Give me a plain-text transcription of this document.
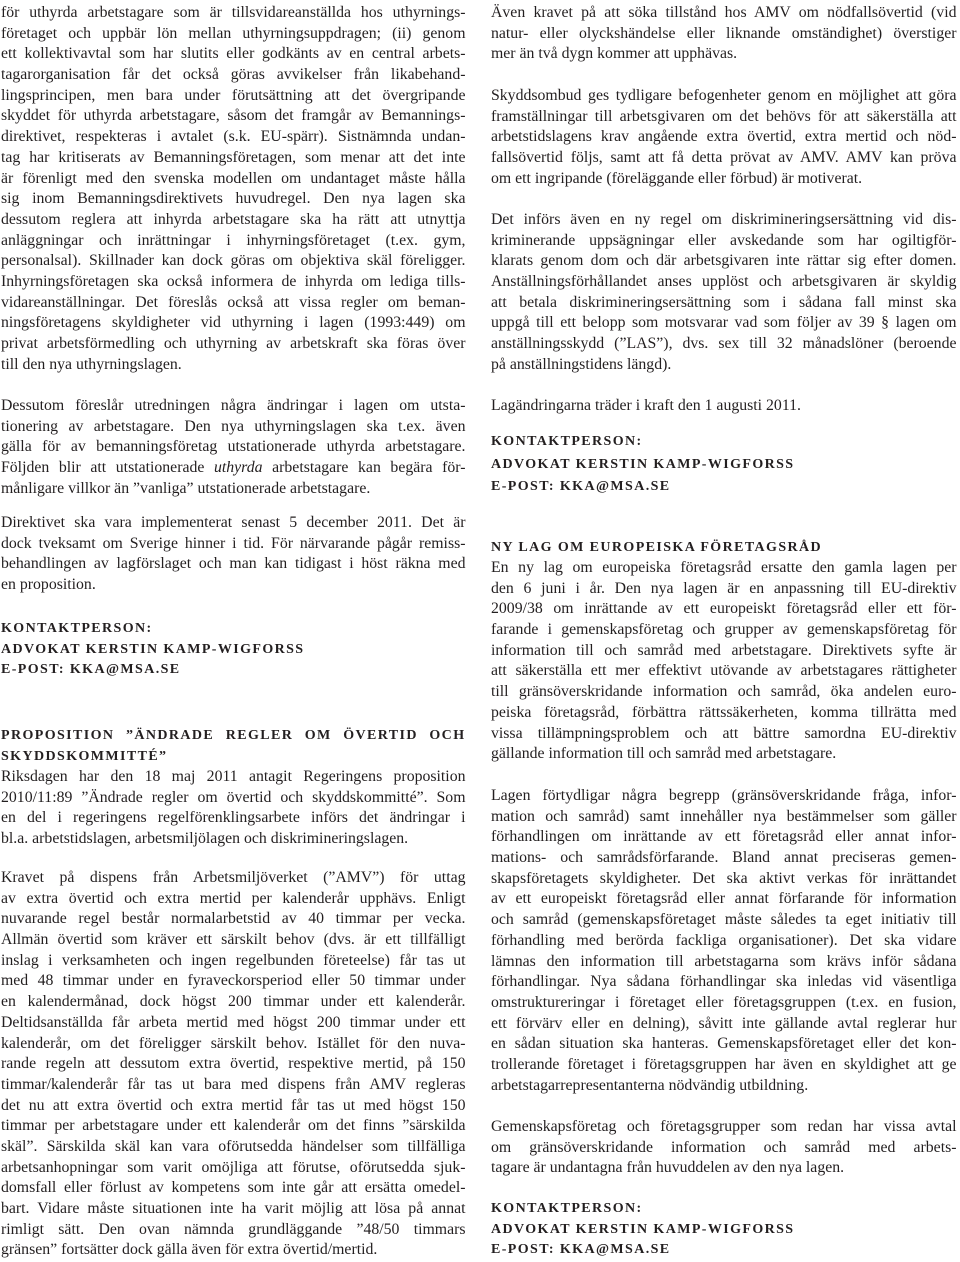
för uthyrda arbetstagare som är tillsvidareanställda hos uthyrnings-
företaget och uppbär lön mellan uthyrningsuppdragen; (ii) genom
ett kollektivavtal som har slutits eller godkänts av en central arbets-
tagarorganisation får det också göras avvikelser från likabehand-
lingsprincipen, men bara under förutsättning att det övergripande
skyddet för uthyrda arbetstagare, såsom det framgår av Bemannings-
direktivet, respekteras i avtalet (s.k. EU-spärr). Sistnämnda undan-
tag har kritiserats av Bemanningsföretagen, som menar att det inte
är förenligt med den svenska modellen om undantaget måste hålla
sig inom Bemanningsdirektivets huvudregel. Den nya lagen ska
dessutom reglera att inhyrda arbetstagare ska ha rätt att utnyttja
anläggningar och inrättningar i inhyrningsföretaget (t.ex. gym,
personalsal). Skillnader kan dock göras om objektiva skäl föreligger.
Inhyrningsföretagen ska också informera de inhyrda om lediga tills-
vidareanställningar. Det föreslås också att vissa regler om beman-
ningsföretagens skyldigheter vid uthyrning i lagen (1993:449) om
privat arbetsförmedling och uthyrning av arbetskraft ska föras över
till den nya uthyrningslagen.
Dessutom föreslår utredningen några ändringar i lagen om utsta-
tionering av arbetstagare. Den nya uthyrningslagen ska t.ex. även
gälla för av bemanningsföretag utstationerade uthyrda arbetstagare.
Följden blir att utstationerade uthyrda arbetstagare kan begära för-
månligare villkor än ”vanliga” utstationerade arbetstagare.
Direktivet ska vara implementerat senast 5 december 2011. Det är
dock tveksamt om Sverige hinner i tid. För närvarande pågår remiss-
behandlingen av lagförslaget och man kan tidigast i höst räkna med
en proposition.
KONTAKTPERSON:
ADVOKAT KERSTIN KAMP-WIGFORSS
E-POST: KKA@MSA.SE
PROPOSITION ”ÄNDRADE REGLER OM ÖVERTID OCH
SKYDDSKOMMITTÉ”
Riksdagen har den 18 maj 2011 antagit Regeringens proposition
2010/11:89 ”Ändrade regler om övertid och skyddskommitté”. Som
en del i regeringens regelförenklingsarbete införs det ändringar i
bl.a. arbetstidslagen, arbetsmiljölagen och diskrimineringslagen.
Kravet på dispens från Arbetsmiljöverket (”AMV”) för uttag
av extra övertid och extra mertid per kalenderår upphävs. Enligt
nuvarande regel består normalarbetstid av 40 timmar per vecka.
Allmän övertid som kräver ett särskilt behov (dvs. är ett tillfälligt
inslag i verksamheten och ingen regelbunden företeelse) får tas ut
med 48 timmar under en fyraveckorsperiod eller 50 timmar under
en kalendermånad, dock högst 200 timmar under ett kalenderår.
Deltidsanställda får arbeta mertid med högst 200 timmar under ett
kalenderår, om det föreligger särskilt behov. Istället för den nuva-
rande regeln att dessutom extra övertid, respektive mertid, på 150
timmar/kalenderår får tas ut bara med dispens från AMV regleras
det nu att extra övertid och extra mertid får tas ut med högst 150
timmar per arbetstagare under ett kalenderår om det finns ”särskilda
skäl”. Särskilda skäl kan vara oförutsedda händelser som tillfälliga
arbetsanhopningar som varit omöjliga att förutse, oförutsedda sjuk-
domsfall eller förlust av kompetens som inte går att ersätta omedel-
bart. Vidare måste situationen inte ha varit möjlig att lösa på annat
rimligt sätt. Den ovan nämnda grundläggande ”48/50 timmars
gränsen” fortsätter dock gälla även för extra övertid/mertid.
Även kravet på att söka tillstånd hos AMV om nödfallsövertid (vid
natur- eller olyckshändelse eller liknande omständighet) överstiger
mer än två dygn kommer att upphävas.
Skyddsombud ges tydligare befogenheter genom en möjlighet att göra
framställningar till arbetsgivaren om det behövs för att säkerställa att
arbetstidslagens krav angående extra övertid, extra mertid och nöd-
fallsövertid följs, samt att få detta prövat av AMV. AMV kan pröva
om ett ingripande (föreläggande eller förbud) är motiverat.
Det införs även en ny regel om diskrimineringsersättning vid dis-
kriminerande uppsägningar eller avskedande som har ogiltigför-
klarats genom dom och där arbetsgivaren inte rättar sig efter domen.
Anställningsförhållandet anses upplöst och arbetsgivaren är skyldig
att betala diskrimineringsersättning som i sådana fall minst ska
uppgå till ett belopp som motsvarar vad som följer av 39 § lagen om
anställningsskydd (”LAS”), dvs. sex till 32 månadslöner (beroende
på anställningstidens längd).
Lagändringarna träder i kraft den 1 augusti 2011.
KONTAKTPERSON:
ADVOKAT KERSTIN KAMP-WIGFORSS
E-POST: KKA@MSA.SE
NY LAG OM EUROPEISKA FÖRETAGSRÅD
En ny lag om europeiska företagsråd ersatte den gamla lagen per
den 6 juni i år. Den nya lagen är en anpassning till EU-direktiv
2009/38 om inrättande av ett europeiskt företagsråd eller ett för-
farande i gemenskapsföretag och grupper av gemenskapsföretag för
information till och samråd med arbetstagare. Direktivets syfte är
att säkerställa ett mer effektivt utövande av arbetstagares rättigheter
till gränsöverskridande information och samråd, öka andelen euro-
peiska företagsråd, förbättra rättssäkerheten, komma tillrätta med
vissa tillämpningsproblem och att bättre samordna EU-direktiv
gällande information till och samråd med arbetstagare.
Lagen förtydligar några begrepp (gränsöverskridande fråga, infor-
mation och samråd) samt innehåller nya bestämmelser som gäller
förhandlingen om inrättande av ett företagsråd eller annat infor-
mations- och samrådsförfarande. Bland annat preciseras gemen-
skapsföretagets skyldigheter. Det ska aktivt verkas för inrättandet
av ett europeiskt företagsråd eller annat förfarande för information
och samråd (gemenskapsföretaget måste således ta eget initiativ till
förhandling med berörda fackliga organisationer). Det ska vidare
lämnas den information till arbetstagarna som krävs inför sådana
förhandlingar. Nya sådana förhandlingar ska inledas vid väsentliga
omstruktureringar i företaget eller företagsgruppen (t.ex. en fusion,
ett förvärv eller en delning), såvitt inte gällande avtal reglerar hur
en sådan situation ska hanteras. Gemenskapsföretaget eller det kon-
trollerande företaget i företagsgruppen har även en skyldighet att ge
arbetstagarrepresentanterna nödvändig utbildning.
Gemenskapsföretag och företagsgrupper som redan har vissa avtal
om gränsöverskridande information och samråd med arbets-
tagare är undantagna från huvuddelen av den nya lagen.
KONTAKTPERSON:
ADVOKAT KERSTIN KAMP-WIGFORSS
E-POST: KKA@MSA.SE
